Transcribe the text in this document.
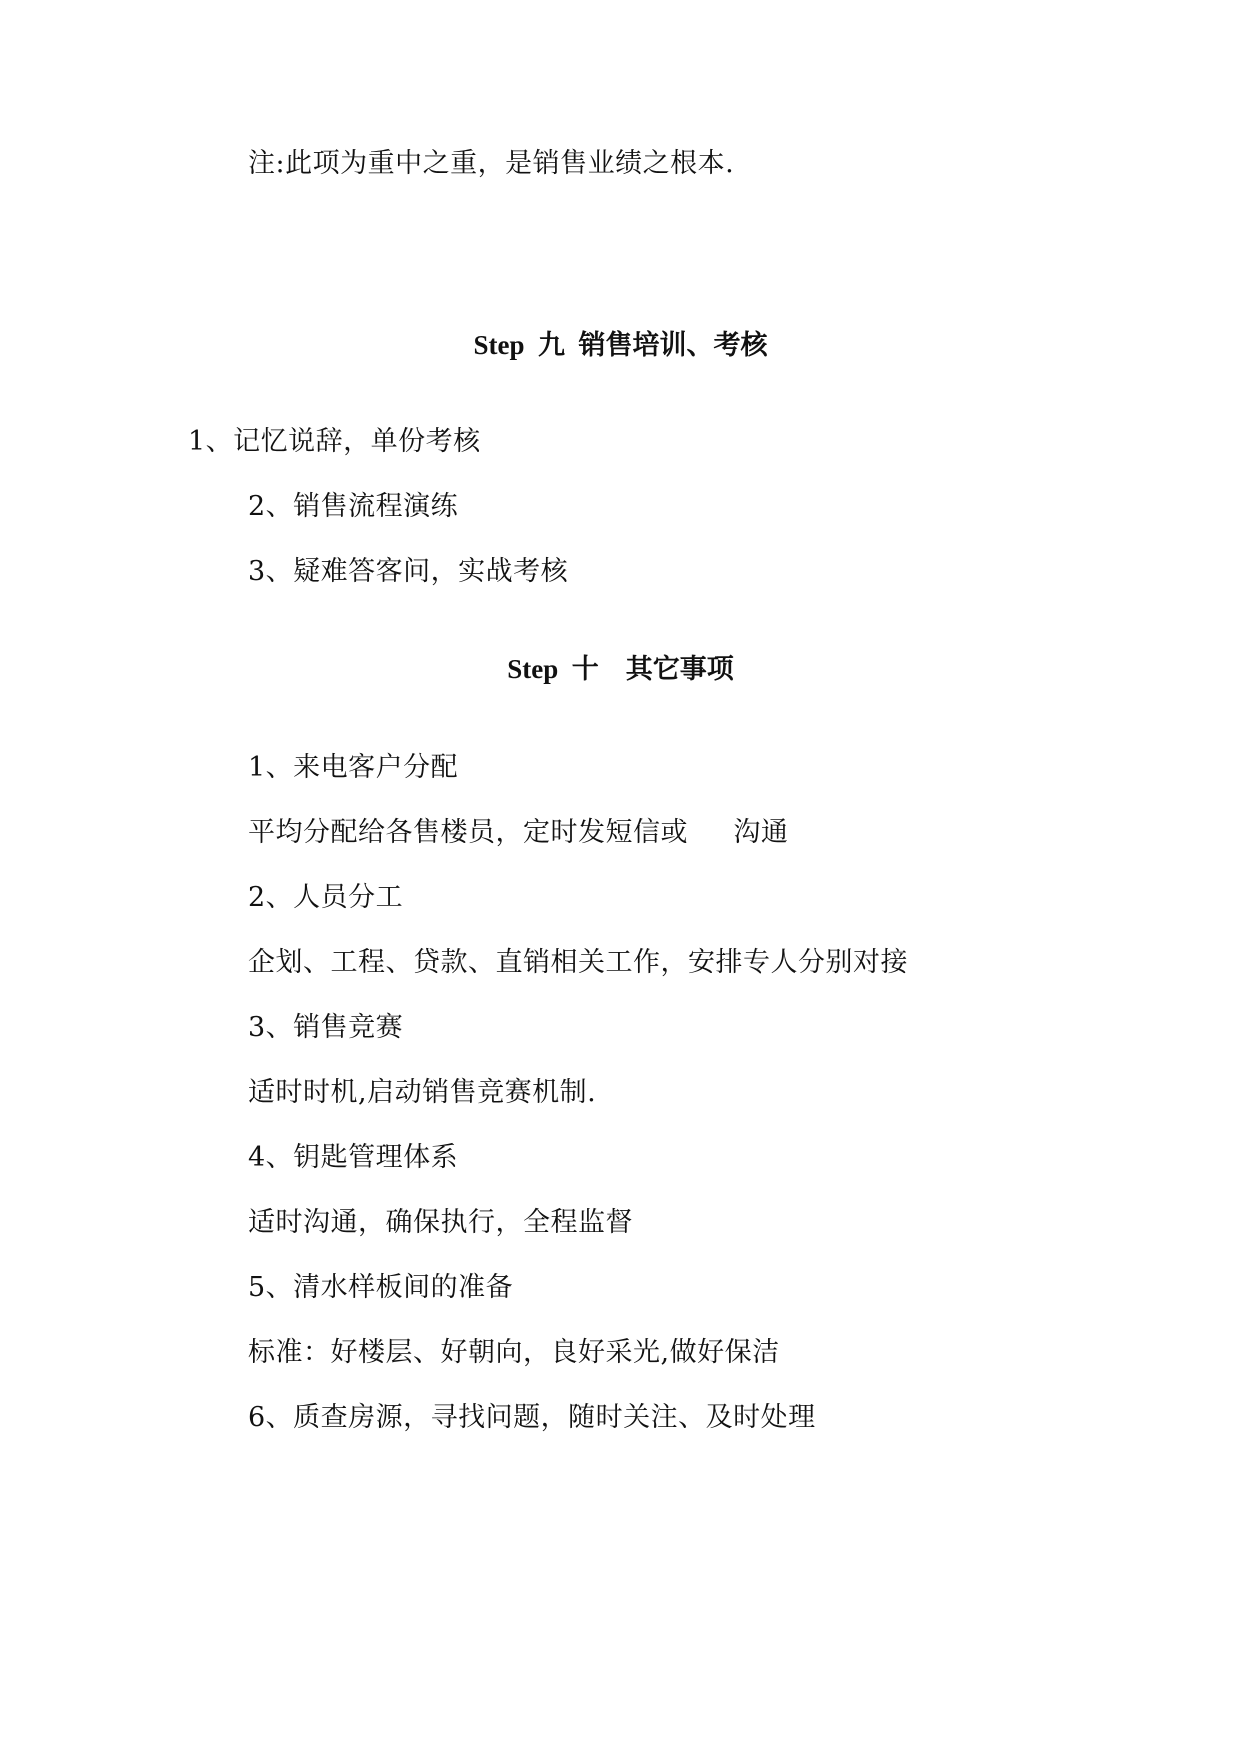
注:此项为重中之重，是销售业绩之根本.
Step  九  销售培训、考核
1、记忆说辞，单份考核
2、销售流程演练
3、疑难答客问，实战考核
Step  十    其它事项
1、来电客户分配
平均分配给各售楼员，定时发短信或     沟通
2、人员分工
企划、工程、贷款、直销相关工作，安排专人分别对接
3、销售竞赛
适时时机,启动销售竞赛机制.
4、钥匙管理体系
适时沟通，确保执行，全程监督
5、清水样板间的准备
标准：好楼层、好朝向，良好采光,做好保洁
6、质查房源，寻找问题，随时关注、及时处理
